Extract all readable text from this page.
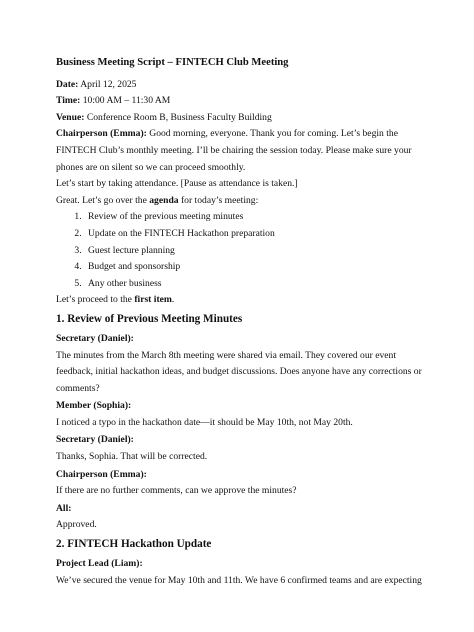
Business Meeting Script – FINTECH Club Meeting

Date: April 12, 2025

Time: 10:00 AM – 11:30 AM

Venue: Conference Room B, Business Faculty Building

Chairperson (Emma): Good morning, everyone. Thank you for coming. Let’s begin the FINTECH Club’s monthly meeting. I’ll be chairing the session today. Please make sure your phones are on silent so we can proceed smoothly.

Let’s start by taking attendance. [Pause as attendance is taken.]

Great. Let’s go over the agenda for today’s meeting:

1. Review of the previous meeting minutes
2. Update on the FINTECH Hackathon preparation
3. Guest lecture planning
4. Budget and sponsorship
5. Any other business

Let’s proceed to the first item.

1. Review of Previous Meeting Minutes

Secretary (Daniel):

The minutes from the March 8th meeting were shared via email. They covered our event feedback, initial hackathon ideas, and budget discussions. Does anyone have any corrections or comments?

Member (Sophia):

I noticed a typo in the hackathon date—it should be May 10th, not May 20th.

Secretary (Daniel):

Thanks, Sophia. That will be corrected.

Chairperson (Emma):

If there are no further comments, can we approve the minutes?

All:

Approved.

2. FINTECH Hackathon Update

Project Lead (Liam):

We’ve secured the venue for May 10th and 11th. We have 6 confirmed teams and are expecting
